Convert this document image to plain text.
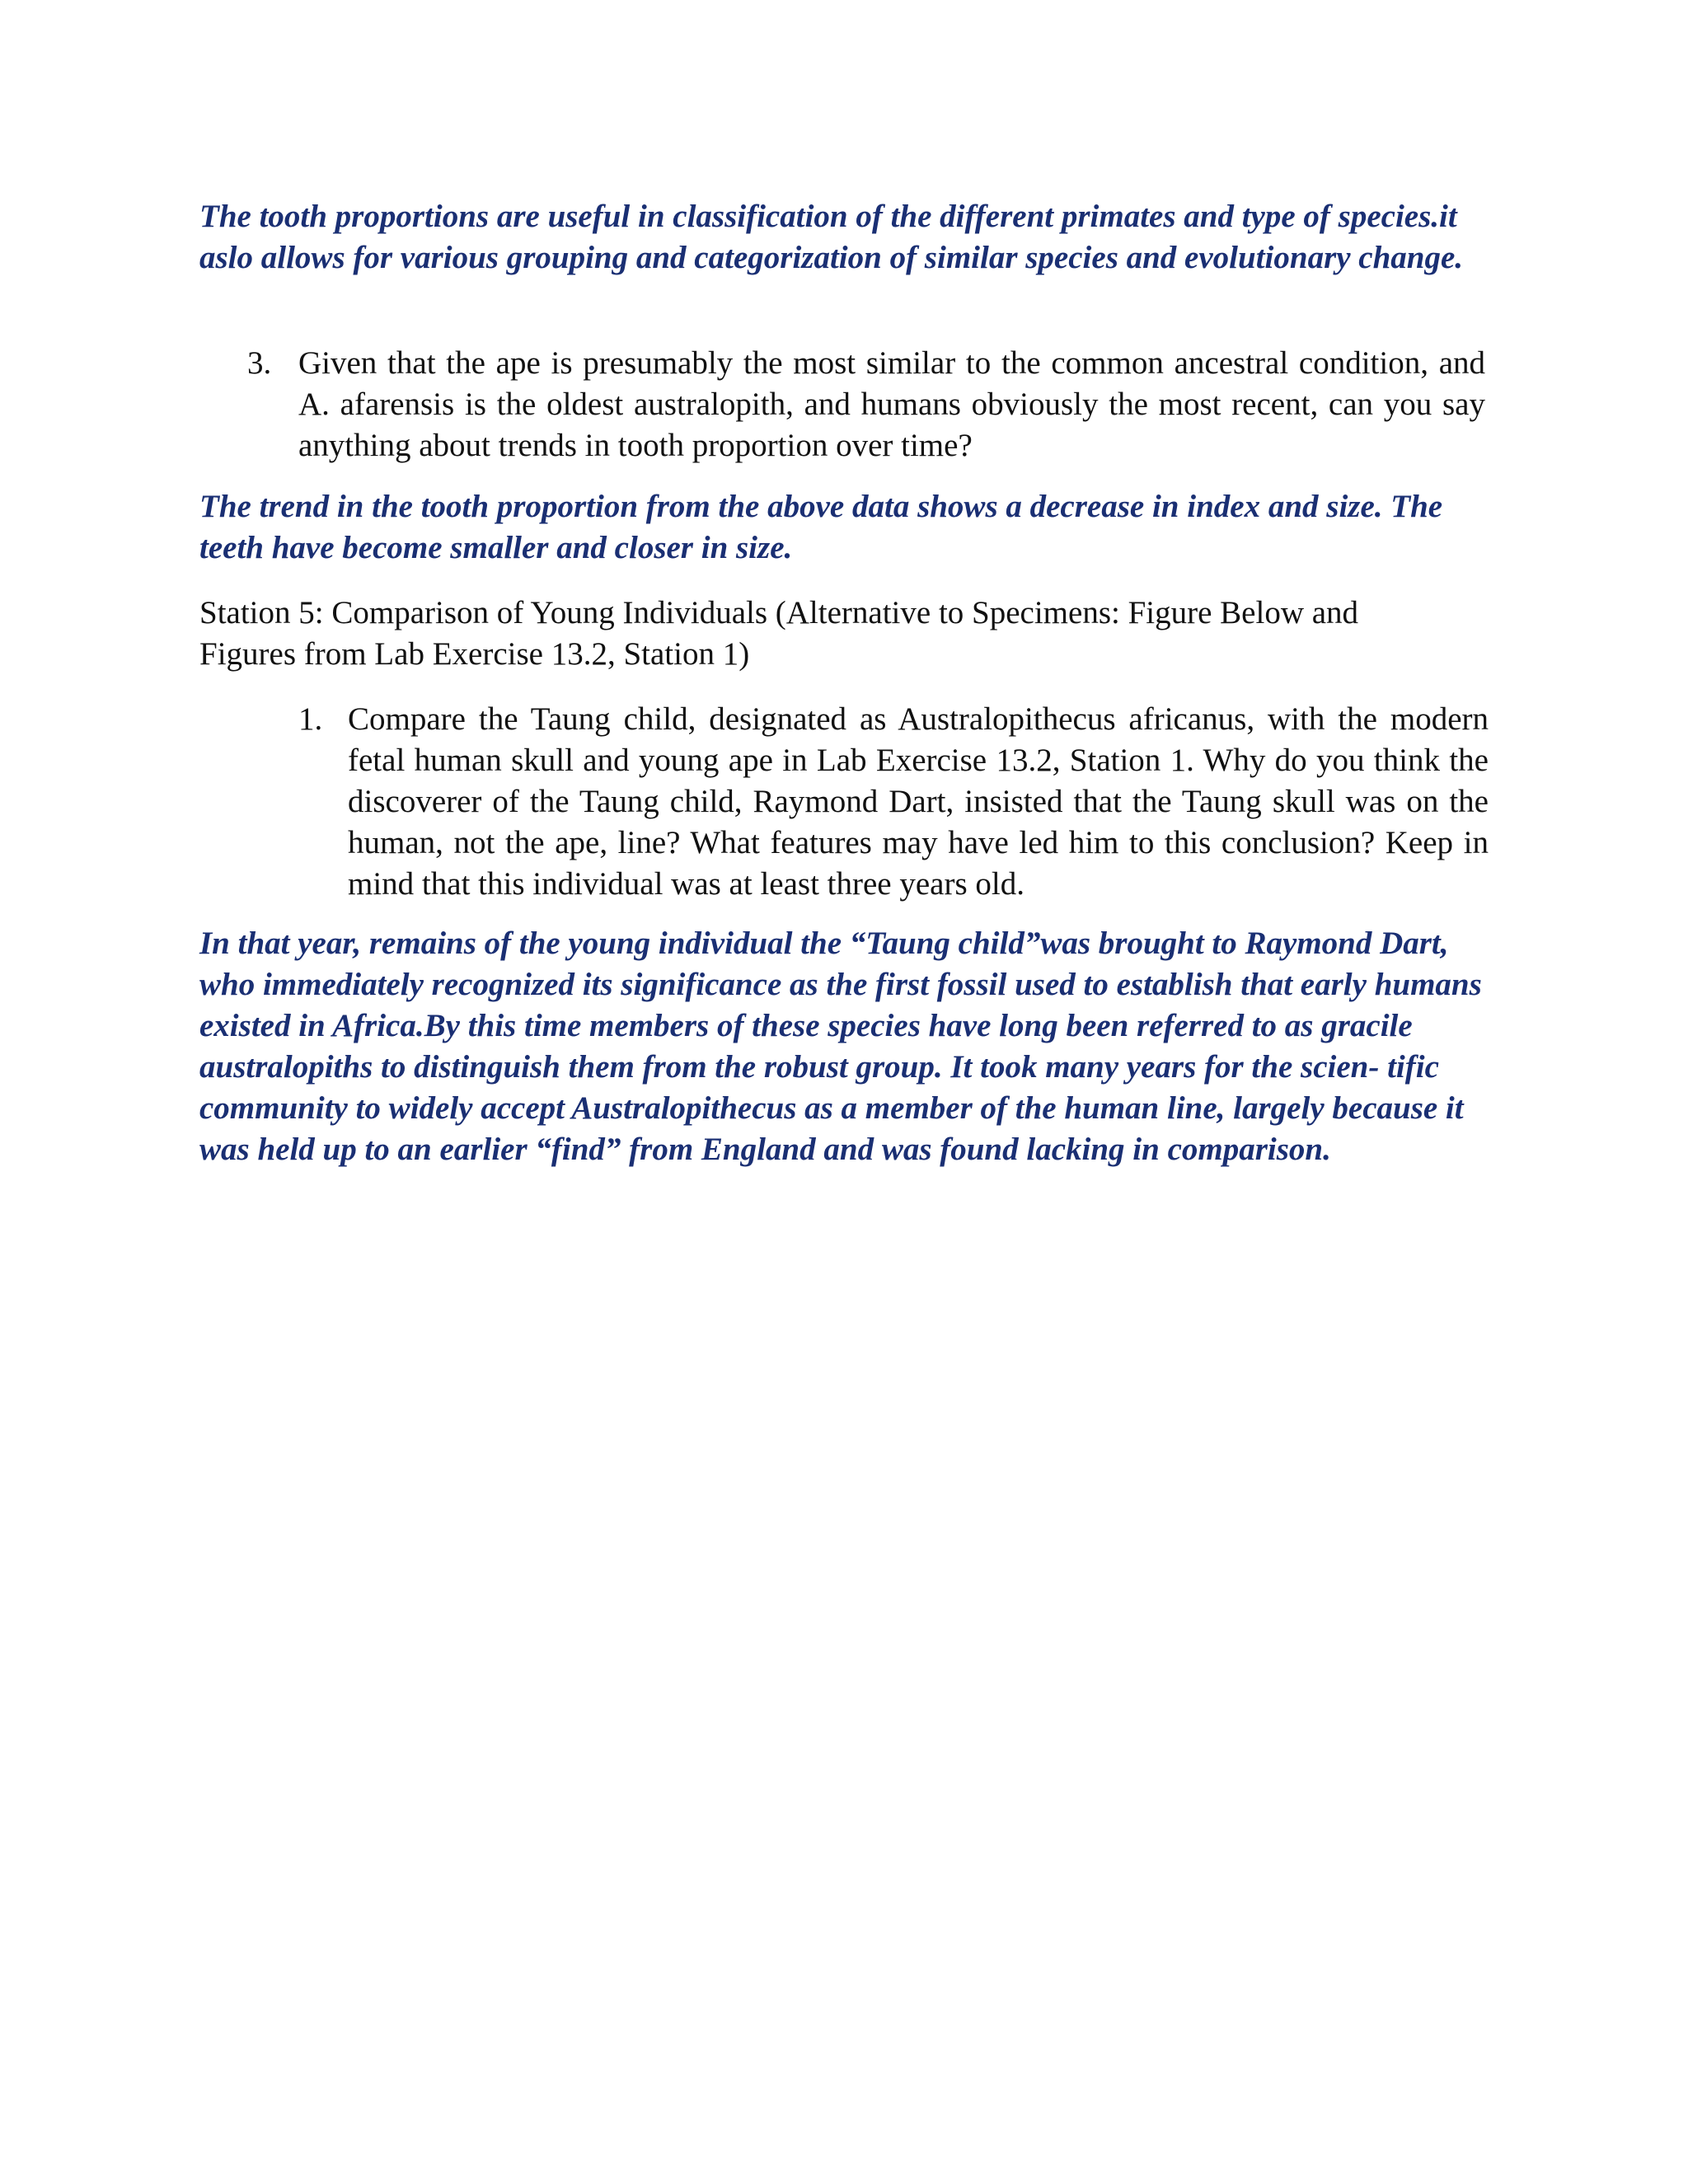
The tooth proportions are useful in classification of the different primates and type of species.it aslo allows for various grouping and categorization of similar species and evolutionary change.

3. Given that the ape is presumably the most similar to the common ancestral condition, and A. afarensis is the oldest australopith, and humans obviously the most recent, can you say anything about trends in tooth proportion over time?

The trend in the tooth proportion from the above data shows a decrease in index and size. The teeth have become smaller and closer in size.

Station 5: Comparison of Young Individuals (Alternative to Specimens: Figure Below and Figures from Lab Exercise 13.2, Station 1)

1. Compare the Taung child, designated as Australopithecus africanus, with the modern fetal human skull and young ape in Lab Exercise 13.2, Station 1. Why do you think the discoverer of the Taung child, Raymond Dart, insisted that the Taung skull was on the human, not the ape, line? What features may have led him to this conclusion? Keep in mind that this individual was at least three years old.

In that year, remains of the young individual the “Taung child”was brought to Raymond Dart, who immediately recognized its significance as the first fossil used to establish that early humans existed in Africa.By this time members of these species have long been referred to as gracile australopiths to distinguish them from the robust group. It took many years for the scien- tific community to widely accept Australopithecus as a member of the human line, largely because it was held up to an earlier “find” from England and was found lacking in comparison.
